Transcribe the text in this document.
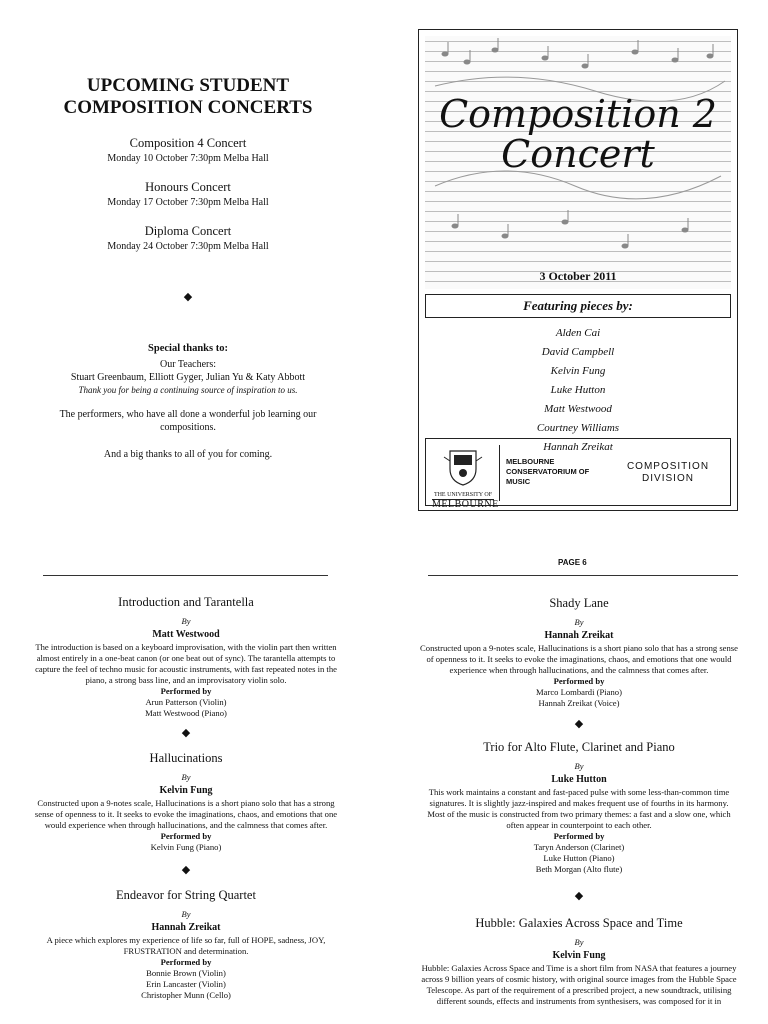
UPCOMING STUDENT COMPOSITION CONCERTS
Composition 4 Concert
Monday 10 October 7:30pm Melba Hall
Honours Concert
Monday 17 October 7:30pm Melba Hall
Diploma Concert
Monday 24 October 7:30pm Melba Hall
◆
Special thanks to:
Our Teachers:
Stuart Greenbaum, Elliott Gyger, Julian Yu & Katy Abbott
Thank you for being a continuing source of inspiration to us.
The performers, who have all done a wonderful job learning our compositions.
And a big thanks to all of you for coming.
Composition 2
Concert
3 October 2011
Featuring pieces by:
Alden Cai
David Campbell
Kelvin Fung
Luke Hutton
Matt Westwood
Courtney Williams
Hannah Zreikat
THE UNIVERSITY OF
MELBOURNE
MELBOURNE CONSERVATORIUM OF MUSIC
COMPOSITION DIVISION
PAGE 6
Introduction and Tarantella
By
Matt Westwood
The introduction is based on a keyboard improvisation, with the violin part then written almost entirely in a one-beat canon (or one beat out of sync). The tarantella attempts to capture the feel of techno music for acoustic instruments, with fast repeated notes in the piano, a strong bass line, and an improvisatory violin solo.
Performed by
Arun Patterson (Violin)
Matt Westwood (Piano)
◆
Hallucinations
By
Kelvin Fung
Constructed upon a 9-notes scale, Hallucinations is a short piano solo that has a strong sense of openness to it. It seeks to evoke the imaginations, chaos, and emotions that one would experience when through hallucinations, and the calmness that comes after.
Performed by
Kelvin Fung (Piano)
◆
Endeavor for String Quartet
By
Hannah Zreikat
A piece which explores my experience of life so far, full of HOPE, sadness, JOY, FRUSTRATION and determination.
Performed by
Bonnie Brown (Violin)
Erin Lancaster (Violin)
Christopher Munn (Cello)
Shady Lane
By
Hannah Zreikat
Constructed upon a 9-notes scale, Hallucinations is a short piano solo that has a strong sense of openness to it. It seeks to evoke the imaginations, chaos, and emotions that one would experience when through hallucinations, and the calmness that comes after.
Performed by
Marco Lombardi (Piano)
Hannah Zreikat (Voice)
◆
Trio for Alto Flute, Clarinet and Piano
By
Luke Hutton
This work maintains a constant and fast-paced pulse with some less-than-common time signatures. It is slightly jazz-inspired and makes frequent use of fourths in its harmony. Most of the music is constructed from two primary themes: a fast and a slow one, which often appear in counterpoint to each other.
Performed by
Taryn Anderson (Clarinet)
Luke Hutton (Piano)
Beth Morgan (Alto flute)
◆
Hubble: Galaxies Across Space and Time
By
Kelvin Fung
Hubble: Galaxies Across Space and Time is a short film from NASA that features a journey across 9 billion years of cosmic history, with original source images from the Hubble Space Telescope. As part of the requirement of a prescribed project, a new soundtrack, utilising different sounds, effects and instruments from synthesisers, was composed for it in
